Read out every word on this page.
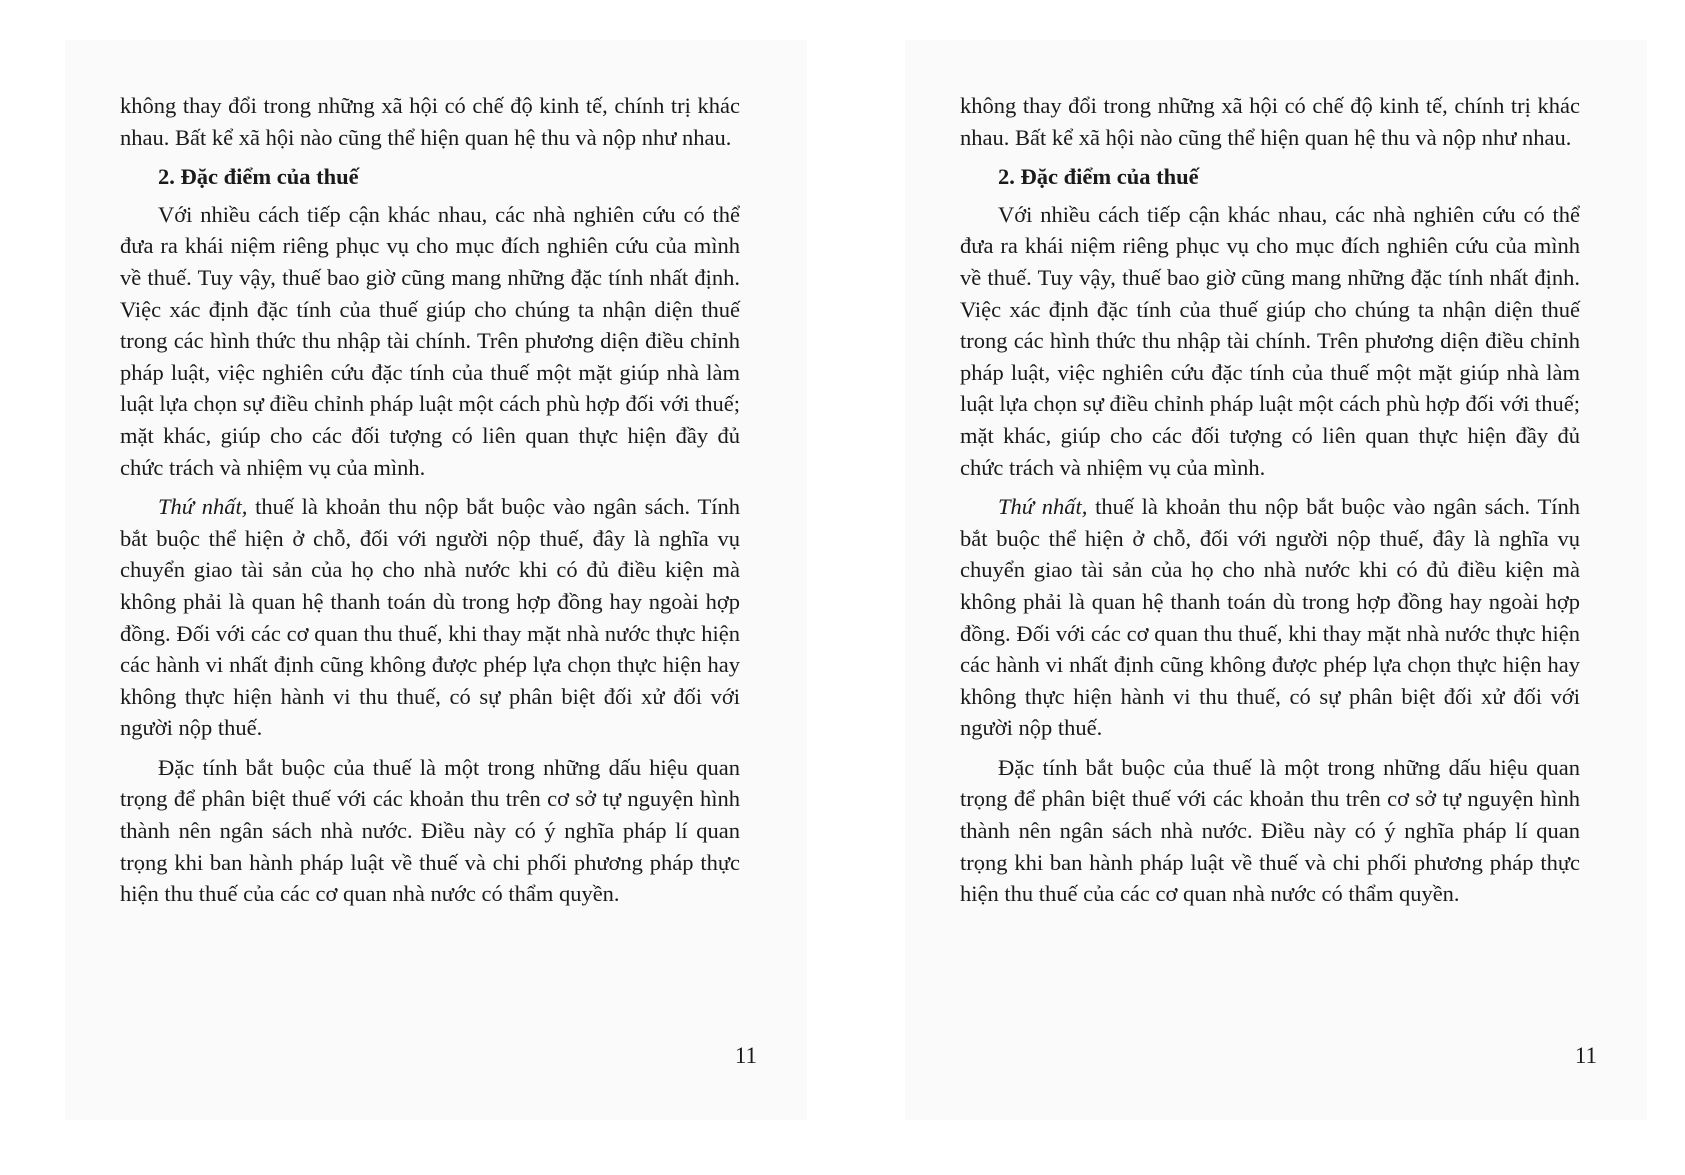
không thay đổi trong những xã hội có chế độ kinh tế, chính trị khác nhau. Bất kể xã hội nào cũng thể hiện quan hệ thu và nộp như nhau.

2. Đặc điểm của thuế

Với nhiều cách tiếp cận khác nhau, các nhà nghiên cứu có thể đưa ra khái niệm riêng phục vụ cho mục đích nghiên cứu của mình về thuế. Tuy vậy, thuế bao giờ cũng mang những đặc tính nhất định. Việc xác định đặc tính của thuế giúp cho chúng ta nhận diện thuế trong các hình thức thu nhập tài chính. Trên phương diện điều chỉnh pháp luật, việc nghiên cứu đặc tính của thuế một mặt giúp nhà làm luật lựa chọn sự điều chỉnh pháp luật một cách phù hợp đối với thuế; mặt khác, giúp cho các đối tượng có liên quan thực hiện đầy đủ chức trách và nhiệm vụ của mình.

Thứ nhất, thuế là khoản thu nộp bắt buộc vào ngân sách. Tính bắt buộc thể hiện ở chỗ, đối với người nộp thuế, đây là nghĩa vụ chuyển giao tài sản của họ cho nhà nước khi có đủ điều kiện mà không phải là quan hệ thanh toán dù trong hợp đồng hay ngoài hợp đồng. Đối với các cơ quan thu thuế, khi thay mặt nhà nước thực hiện các hành vi nhất định cũng không được phép lựa chọn thực hiện hay không thực hiện hành vi thu thuế, có sự phân biệt đối xử đối với người nộp thuế.

Đặc tính bắt buộc của thuế là một trong những dấu hiệu quan trọng để phân biệt thuế với các khoản thu trên cơ sở tự nguyện hình thành nên ngân sách nhà nước. Điều này có ý nghĩa pháp lí quan trọng khi ban hành pháp luật về thuế và chi phối phương pháp thực hiện thu thuế của các cơ quan nhà nước có thẩm quyền.

11

không thay đổi trong những xã hội có chế độ kinh tế, chính trị khác nhau. Bất kể xã hội nào cũng thể hiện quan hệ thu và nộp như nhau.

2. Đặc điểm của thuế

Với nhiều cách tiếp cận khác nhau, các nhà nghiên cứu có thể đưa ra khái niệm riêng phục vụ cho mục đích nghiên cứu của mình về thuế. Tuy vậy, thuế bao giờ cũng mang những đặc tính nhất định. Việc xác định đặc tính của thuế giúp cho chúng ta nhận diện thuế trong các hình thức thu nhập tài chính. Trên phương diện điều chỉnh pháp luật, việc nghiên cứu đặc tính của thuế một mặt giúp nhà làm luật lựa chọn sự điều chỉnh pháp luật một cách phù hợp đối với thuế; mặt khác, giúp cho các đối tượng có liên quan thực hiện đầy đủ chức trách và nhiệm vụ của mình.

Thứ nhất, thuế là khoản thu nộp bắt buộc vào ngân sách. Tính bắt buộc thể hiện ở chỗ, đối với người nộp thuế, đây là nghĩa vụ chuyển giao tài sản của họ cho nhà nước khi có đủ điều kiện mà không phải là quan hệ thanh toán dù trong hợp đồng hay ngoài hợp đồng. Đối với các cơ quan thu thuế, khi thay mặt nhà nước thực hiện các hành vi nhất định cũng không được phép lựa chọn thực hiện hay không thực hiện hành vi thu thuế, có sự phân biệt đối xử đối với người nộp thuế.

Đặc tính bắt buộc của thuế là một trong những dấu hiệu quan trọng để phân biệt thuế với các khoản thu trên cơ sở tự nguyện hình thành nên ngân sách nhà nước. Điều này có ý nghĩa pháp lí quan trọng khi ban hành pháp luật về thuế và chi phối phương pháp thực hiện thu thuế của các cơ quan nhà nước có thẩm quyền.

11
